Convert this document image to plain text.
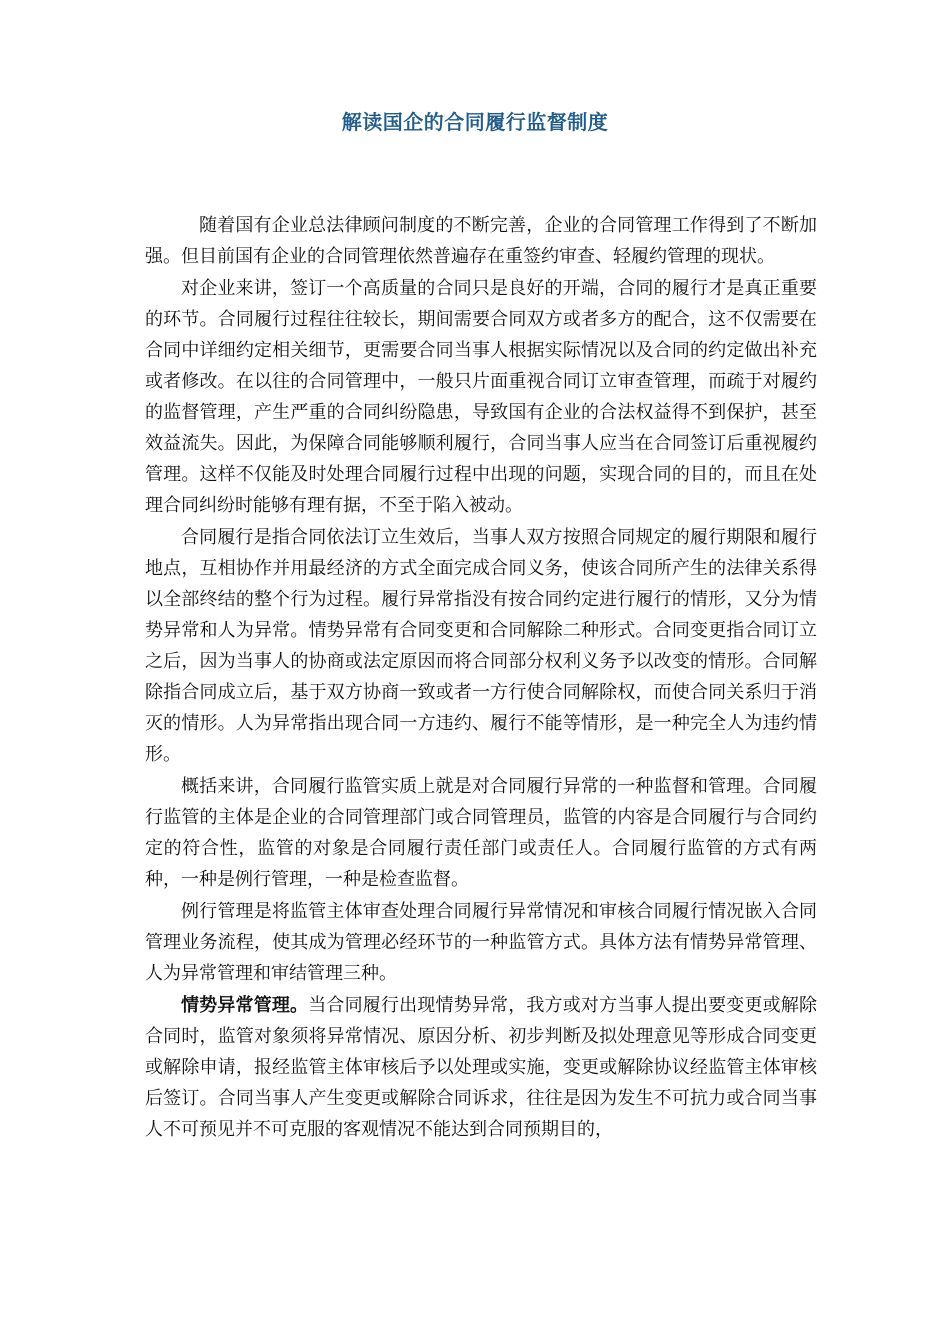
解读国企的合同履行监督制度

随着国有企业总法律顾问制度的不断完善，企业的合同管理工作得到了不断加强。但目前国有企业的合同管理依然普遍存在重签约审查、轻履约管理的现状。

对企业来讲，签订一个高质量的合同只是良好的开端，合同的履行才是真正重要的环节。合同履行过程往往较长，期间需要合同双方或者多方的配合，这不仅需要在合同中详细约定相关细节，更需要合同当事人根据实际情况以及合同的约定做出补充或者修改。在以往的合同管理中，一般只片面重视合同订立审查管理，而疏于对履约的监督管理，产生严重的合同纠纷隐患，导致国有企业的合法权益得不到保护，甚至效益流失。因此，为保障合同能够顺利履行，合同当事人应当在合同签订后重视履约管理。这样不仅能及时处理合同履行过程中出现的问题，实现合同的目的，而且在处理合同纠纷时能够有理有据，不至于陷入被动。

合同履行是指合同依法订立生效后，当事人双方按照合同规定的履行期限和履行地点，互相协作并用最经济的方式全面完成合同义务，使该合同所产生的法律关系得以全部终结的整个行为过程。履行异常指没有按合同约定进行履行的情形，又分为情势异常和人为异常。情势异常有合同变更和合同解除二种形式。合同变更指合同订立之后，因为当事人的协商或法定原因而将合同部分权利义务予以改变的情形。合同解除指合同成立后，基于双方协商一致或者一方行使合同解除权，而使合同关系归于消灭的情形。人为异常指出现合同一方违约、履行不能等情形，是一种完全人为违约情形。

概括来讲，合同履行监管实质上就是对合同履行异常的一种监督和管理。合同履行监管的主体是企业的合同管理部门或合同管理员，监管的内容是合同履行与合同约定的符合性，监管的对象是合同履行责任部门或责任人。合同履行监管的方式有两种，一种是例行管理，一种是检查监督。

例行管理是将监管主体审查处理合同履行异常情况和审核合同履行情况嵌入合同管理业务流程，使其成为管理必经环节的一种监管方式。具体方法有情势异常管理、人为异常管理和审结管理三种。

情势异常管理。当合同履行出现情势异常，我方或对方当事人提出要变更或解除合同时，监管对象须将异常情况、原因分析、初步判断及拟处理意见等形成合同变更或解除申请，报经监管主体审核后予以处理或实施，变更或解除协议经监管主体审核后签订。合同当事人产生变更或解除合同诉求，往往是因为发生不可抗力或合同当事人不可预见并不可克服的客观情况不能达到合同预期目的，
